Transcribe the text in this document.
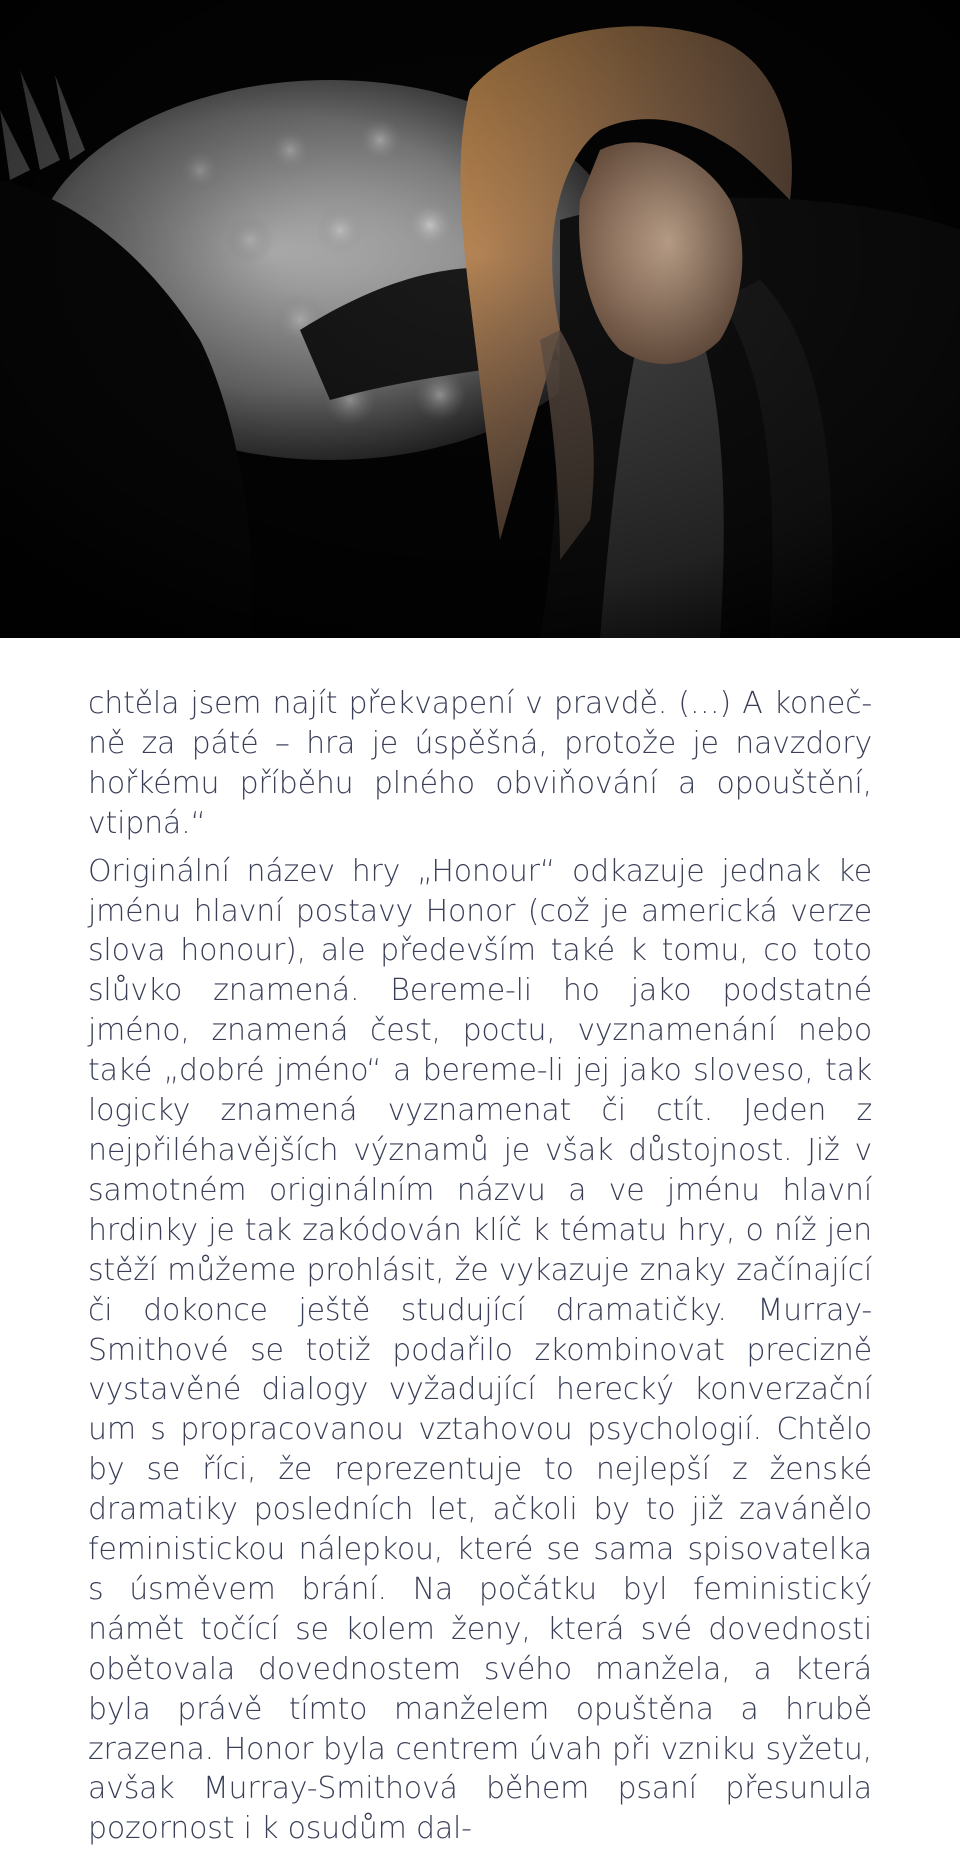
chtěla jsem najít překvapení v pravdě. (…) A koneč-ně za páté – hra je úspěšná, protože je navzdory hořkému příběhu plného obviňování a opouštění, vtipná.“

Originální název hry „Honour“ odkazuje jednak ke jménu hlavní postavy Honor (což je americká verze slova honour), ale především také k tomu, co toto slůvko znamená. Bereme-li ho jako podstatné jméno, znamená čest, poctu, vyznamenání nebo také „dobré jméno“ a bereme-li jej jako sloveso, tak logicky znamená vyznamenat či ctít. Jeden z nejpřiléhavějších významů je však důstojnost. Již v samotném originálním názvu a ve jménu hlavní hrdinky je tak zakódován klíč k tématu hry, o níž jen stěží můžeme prohlásit, že vykazuje znaky začínající či dokonce ještě studující dramatičky. Murray-Smithové se totiž podařilo zkombinovat precizně vystavěné dialogy vyžadující herecký konverzační um s propracovanou vztahovou psychologií. Chtělo by se říci, že reprezentuje to nejlepší z ženské dramatiky posledních let, ačkoli by to již zavánělo feministickou nálepkou, které se sama spisovatelka s úsměvem brání. Na počátku byl feministický námět točící se kolem ženy, která své dovednosti obětovala dovednostem svého manžela, a která byla právě tímto manželem opuštěna a hrubě zrazena. Honor byla centrem úvah při vzniku syžetu, avšak Murray-Smithová během psaní přesunula pozornost i k osudům dal-
